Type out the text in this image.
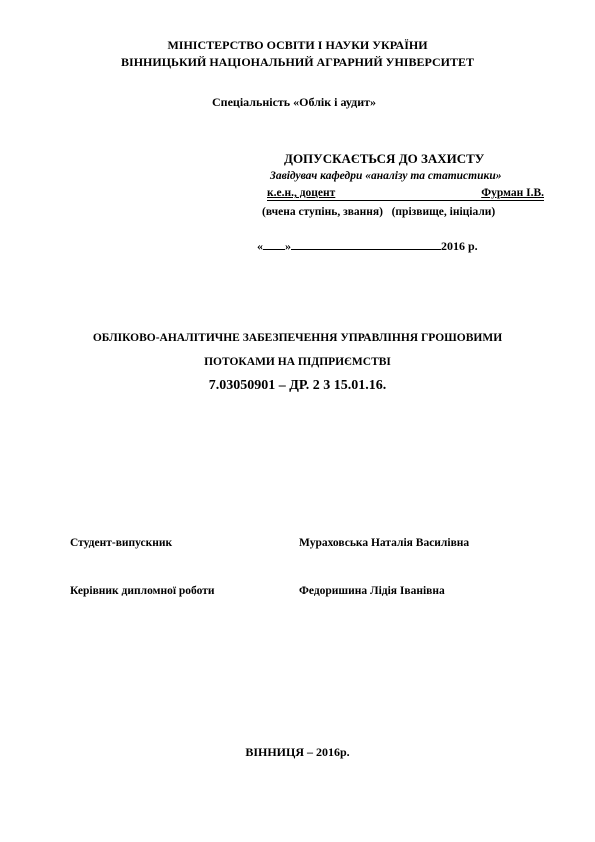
МІНІСТЕРСТВО ОСВІТИ І НАУКИ УКРАЇНИ
ВІННИЦЬКИЙ НАЦІОНАЛЬНИЙ АГРАРНИЙ УНІВЕРСИТЕТ
Спеціальність «Облік і аудит»
ДОПУСКАЄТЬСЯ ДО ЗАХИСТУ
Завідувач кафедри «аналізу та статистики»
к.е.н., доцент	Фурман І.В.
(вчена ступінь, звання) (прізвище, ініціали)
« »	2016 р.
ОБЛІКОВО-АНАЛІТИЧНЕ ЗАБЕЗПЕЧЕННЯ УПРАВЛІННЯ ГРОШОВИМИ
ПОТОКАМИ НА ПІДПРИЄМСТВІ
7.03050901 – ДР. 2 3 15.01.16.
Студент-випускник	Мураховська Наталія Василівна
Керівник дипломної роботи	Федоришина Лідія Іванівна
ВІННИЦЯ – 2016р.
